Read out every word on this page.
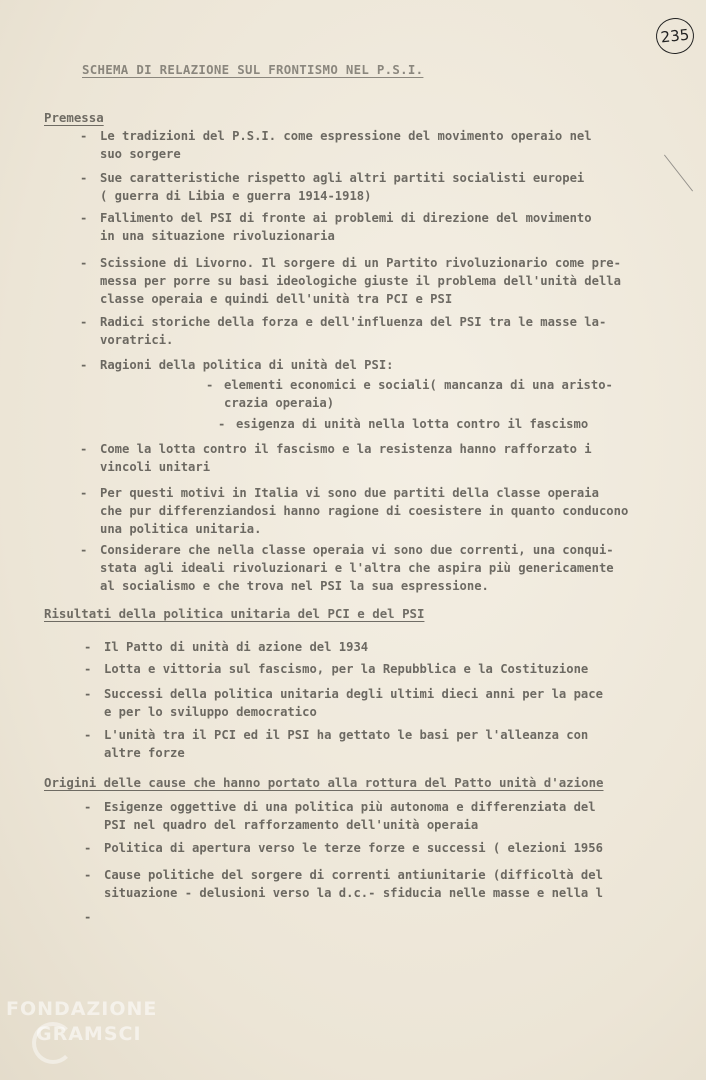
235
SCHEMA DI RELAZIONE SUL FRONTISMO NEL P.S.I.
Premessa
- Le tradizioni del P.S.I. come espressione del movimento operaio nel
suo sorgere
- Sue caratteristiche rispetto agli altri partiti socialisti europei
( guerra di Libia e guerra 1914-1918)
- Fallimento del PSI di fronte ai problemi di direzione del movimento
in una situazione rivoluzionaria
- Scissione di Livorno. Il sorgere di un Partito rivoluzionario come pre-
messa per porre su basi ideologiche giuste il problema dell'unità della
classe operaia e quindi dell'unità tra PCI e PSI
- Radici storiche della forza e dell'influenza del PSI tra le masse la-
voratrici.
- Ragioni della politica di unità del PSI:
- elementi economici e sociali( mancanza di una aristo-
crazia operaia)
- esigenza di unità nella lotta contro il fascismo
- Come la lotta contro il fascismo e la resistenza hanno rafforzato i
vincoli unitari
- Per questi motivi in Italia vi sono due partiti della classe operaia
che pur differenziandosi hanno ragione di coesistere in quanto conducono
una politica unitaria.
- Considerare che nella classe operaia vi sono due correnti, una conqui-
stata agli ideali rivoluzionari e l'altra che aspira più genericamente
al socialismo e che trova nel PSI la sua espressione.
Risultati della politica unitaria del PCI e del PSI
- Il Patto di unità di azione del 1934
- Lotta e vittoria sul fascismo, per la Repubblica e la Costituzione
- Successi della politica unitaria degli ultimi dieci anni per la pace
e per lo sviluppo democratico
- L'unità tra il PCI ed il PSI ha gettato le basi per l'alleanza con
altre forze
Origini delle cause che hanno portato alla rottura del Patto unità d'azione
- Esigenze oggettive di una politica più autonoma e differenziata del
PSI nel quadro del rafforzamento dell'unità operaia
- Politica di apertura verso le terze forze e successi ( elezioni 1956
- Cause politiche del sorgere di correnti antiunitarie (difficoltà del
situazione - delusioni verso la d.c.- sfiducia nelle masse e nella l
-
FONDAZIONE
GRAMSCI
